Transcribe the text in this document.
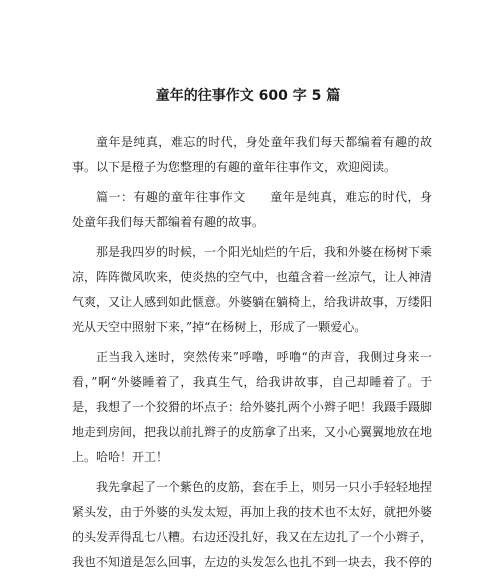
童年的往事作文 600 字 5 篇

童年是纯真，难忘的时代，身处童年我们每天都编着有趣的故事。以下是橙子为您整理的有趣的童年往事作文，欢迎阅读。

篇一：有趣的童年往事作文 童年是纯真，难忘的时代，身处童年我们每天都编着有趣的故事。

那是我四岁的时候，一个阳光灿烂的午后，我和外婆在杨树下乘凉，阵阵微风吹来，使炎热的空气中，也蕴含着一丝凉气，让人神清气爽，又让人感到如此惬意。外婆躺在躺椅上，给我讲故事，万缕阳光从天空中照射下来，”掉“在杨树上，形成了一颗爱心。

正当我入迷时，突然传来”呼噜，呼噜“的声音，我侧过身来一看，”啊“外婆睡着了，我真生气，给我讲故事，自己却睡着了。于是，我想了一个狡猾的坏点子：给外婆扎两个小辫子吧！我蹑手蹑脚地走到房间，把我以前扎辫子的皮筋拿了出来，又小心翼翼地放在地上。哈哈！开工！

我先拿起了一个紫色的皮筋，套在手上，则另一只小手轻轻地捏紧头发，由于外婆的头发太短，再加上我的技术也不太好，就把外婆的头发弄得乱七八糟。右边还没扎好，我又在左边扎了一个小辫子，我也不知道是怎么回事，左边的头发怎么也扎不到一块去，我不停的
